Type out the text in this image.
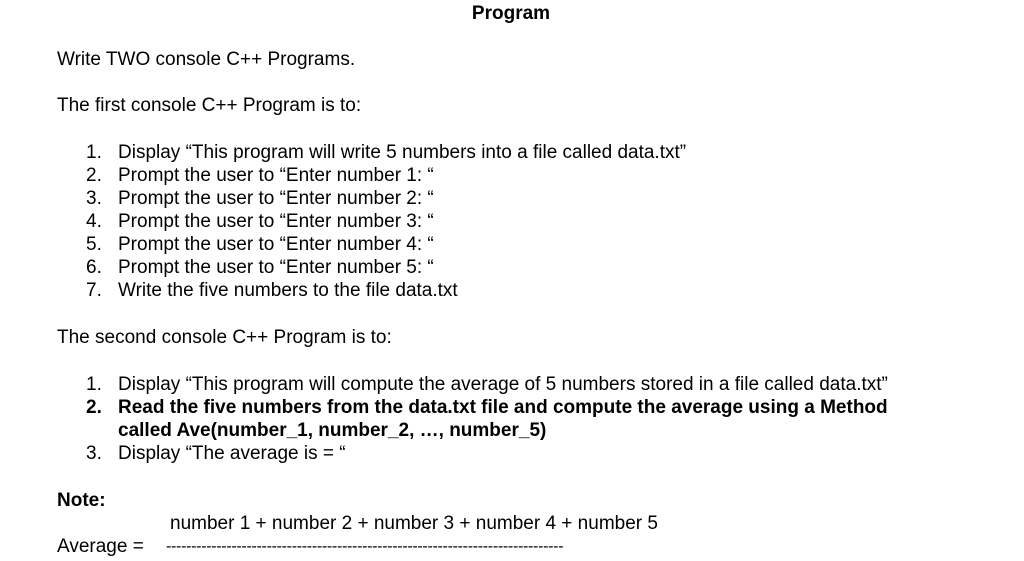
Program
Write TWO console C++ Programs.
The first console C++ Program is to:
1. Display “This program will write 5 numbers into a file called data.txt”
2. Prompt the user to “Enter number 1: “
3. Prompt the user to “Enter number 2: “
4. Prompt the user to “Enter number 3: “
5. Prompt the user to “Enter number 4: “
6. Prompt the user to “Enter number 5: “
7. Write the five numbers to the file data.txt
The second console C++ Program is to:
1. Display “This program will compute the average of 5 numbers stored in a file called data.txt”
2. Read the five numbers from the data.txt file and compute the average using a Method
called Ave(number_1, number_2, …, number_5)
3. Display “The average is = “
Note:
number 1 + number 2 + number 3 + number 4 + number 5
Average = -------------------------------------------------------------------------------
